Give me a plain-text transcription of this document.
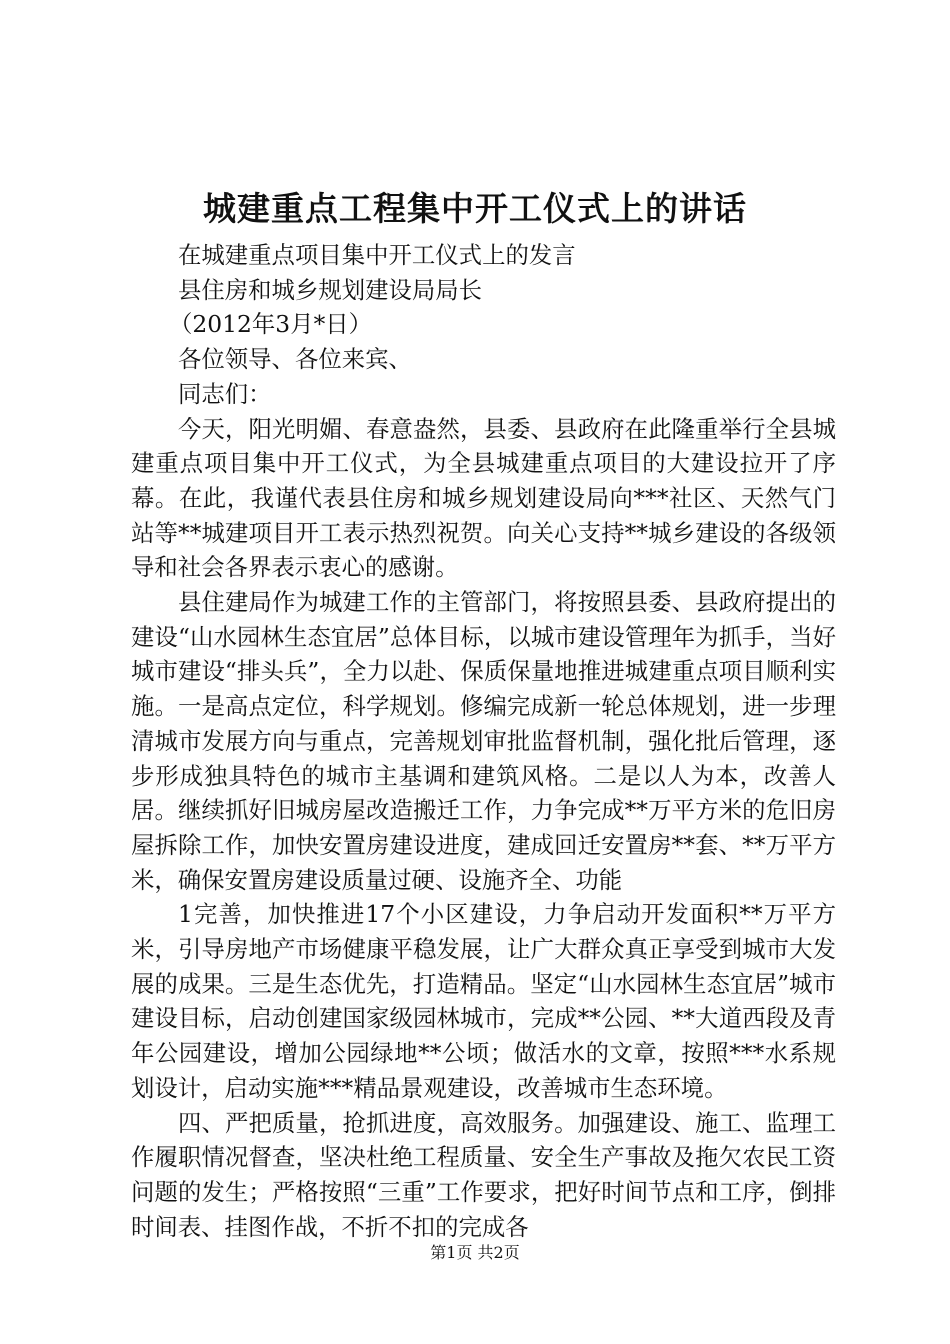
城建重点工程集中开工仪式上的讲话

在城建重点项目集中开工仪式上的发言

县住房和城乡规划建设局局长

（2012年3月*日）

各位领导、各位来宾、

同志们：

今天，阳光明媚、春意盎然，县委、县政府在此隆重举行全县城建重点项目集中开工仪式，为全县城建重点项目的大建设拉开了序幕。在此，我谨代表县住房和城乡规划建设局向***社区、天然气门站等**城建项目开工表示热烈祝贺。向关心支持**城乡建设的各级领导和社会各界表示衷心的感谢。

县住建局作为城建工作的主管部门，将按照县委、县政府提出的建设“山水园林生态宜居”总体目标，以城市建设管理年为抓手，当好城市建设“排头兵”，全力以赴、保质保量地推进城建重点项目顺利实施。一是高点定位，科学规划。修编完成新一轮总体规划，进一步理清城市发展方向与重点，完善规划审批监督机制，强化批后管理，逐步形成独具特色的城市主基调和建筑风格。二是以人为本，改善人居。继续抓好旧城房屋改造搬迁工作，力争完成**万平方米的危旧房屋拆除工作，加快安置房建设进度，建成回迁安置房**套、**万平方米，确保安置房建设质量过硬、设施齐全、功能

1完善，加快推进17个小区建设，力争启动开发面积**万平方米，引导房地产市场健康平稳发展，让广大群众真正享受到城市大发展的成果。三是生态优先，打造精品。坚定“山水园林生态宜居”城市建设目标，启动创建国家级园林城市，完成**公园、**大道西段及青年公园建设，增加公园绿地**公顷；做活水的文章，按照***水系规划设计，启动实施***精品景观建设，改善城市生态环境。

四、严把质量，抢抓进度，高效服务。加强建设、施工、监理工作履职情况督查，坚决杜绝工程质量、安全生产事故及拖欠农民工资问题的发生；严格按照“三重”工作要求，把好时间节点和工序，倒排时间表、挂图作战，不折不扣的完成各

第1页 共2页
